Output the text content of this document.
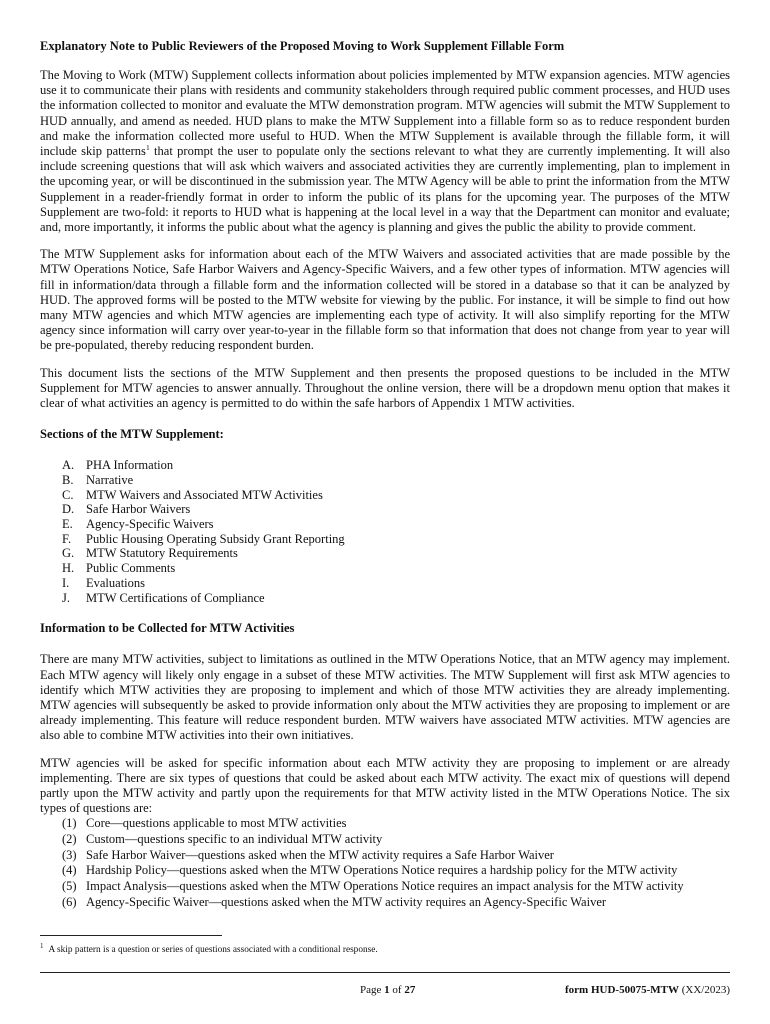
Explanatory Note to Public Reviewers of the Proposed Moving to Work Supplement Fillable Form

The Moving to Work (MTW) Supplement collects information about policies implemented by MTW expansion agencies. MTW agencies use it to communicate their plans with residents and community stakeholders through required public comment processes, and HUD uses the information collected to monitor and evaluate the MTW demonstration program. MTW agencies will submit the MTW Supplement to HUD annually, and amend as needed. HUD plans to make the MTW Supplement into a fillable form so as to reduce respondent burden and make the information collected more useful to HUD. When the MTW Supplement is available through the fillable form, it will include skip patterns$^1$ that prompt the user to populate only the sections relevant to what they are currently implementing. It will also include screening questions that will ask which waivers and associated activities they are currently implementing, plan to implement in the upcoming year, or will be discontinued in the submission year. The MTW Agency will be able to print the information from the MTW Supplement in a reader-friendly format in order to inform the public of its plans for the upcoming year. The purposes of the MTW Supplement are two-fold: it reports to HUD what is happening at the local level in a way that the Department can monitor and evaluate; and, more importantly, it informs the public about what the agency is planning and gives the public the ability to provide comment.

The MTW Supplement asks for information about each of the MTW Waivers and associated activities that are made possible by the MTW Operations Notice, Safe Harbor Waivers and Agency-Specific Waivers, and a few other types of information. MTW agencies will fill in information/data through a fillable form and the information collected will be stored in a database so that it can be analyzed by HUD. The approved forms will be posted to the MTW website for viewing by the public. For instance, it will be simple to find out how many MTW agencies and which MTW agencies are implementing each type of activity. It will also simplify reporting for the MTW agency since information will carry over year-to-year in the fillable form so that information that does not change from year to year will be pre-populated, thereby reducing respondent burden.

This document lists the sections of the MTW Supplement and then presents the proposed questions to be included in the MTW Supplement for MTW agencies to answer annually. Throughout the online version, there will be a dropdown menu option that makes it clear of what activities an agency is permitted to do within the safe harbors of Appendix 1 MTW activities.

Sections of the MTW Supplement:
A. PHA Information
B.	Narrative
C.	MTW Waivers and Associated MTW Activities
D. Safe Harbor Waivers
E.	Agency-Specific Waivers
F.	Public Housing Operating Subsidy Grant Reporting
G. MTW Statutory Requirements
H. Public Comments
I.	Evaluations
J.	MTW Certifications of Compliance
Information to be Collected for MTW Activities

There are many MTW activities, subject to limitations as outlined in the MTW Operations Notice, that an MTW agency may implement. Each MTW agency will likely only engage in a subset of these MTW activities. The MTW Supplement will first ask MTW agencies to identify which MTW activities they are proposing to implement and which of those MTW activities they are already implementing. MTW agencies will subsequently be asked to provide information only about the MTW activities they are proposing to implement or are already implementing. This feature will reduce respondent burden. MTW waivers have associated MTW activities. MTW agencies are also able to combine MTW activities into their own initiatives.

MTW agencies will be asked for specific information about each MTW activity they are proposing to implement or are already implementing. There are six types of questions that could be asked about each MTW activity. The exact mix of questions will depend partly upon the MTW activity and partly upon the requirements for that MTW activity listed in the MTW Operations Notice. The six types of questions are:

(1) Core—questions applicable to most MTW activities
(2) Custom—questions specific to an individual MTW activity
(3) Safe Harbor Waiver—questions asked when the MTW activity requires a Safe Harbor Waiver
(4) Hardship Policy—questions asked when the MTW Operations Notice requires a hardship policy for the MTW activity
(5) Impact Analysis—questions asked when the MTW Operations Notice requires an impact analysis for the MTW activity
(6) Agency-Specific Waiver—questions asked when the MTW activity requires an Agency-Specific Waiver
$^1$ A skip pattern is a question or series of questions associated with a conditional response.
Page 1 of 27	form HUD-50075-MTW (XX/2023)
